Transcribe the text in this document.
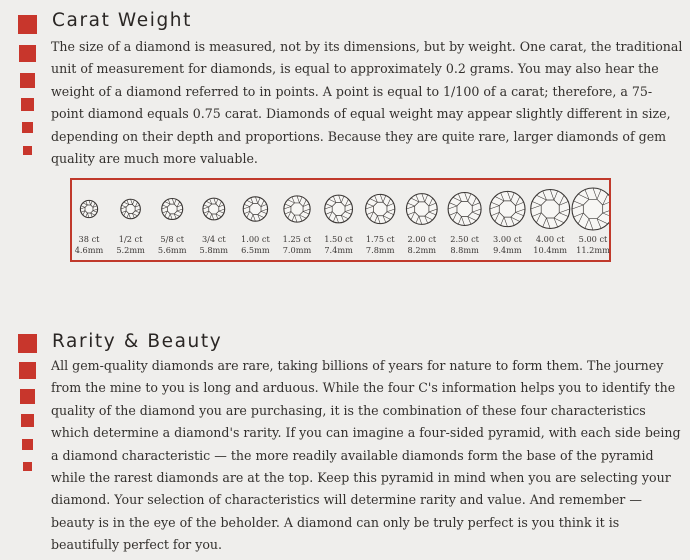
Carat Weight

The size of a diamond is measured, not by its dimensions, but by weight. One carat, the traditional unit of measurement for diamonds, is equal to approximately 0.2 grams. You may also hear the weight of a diamond referred to in points. A point is equal to 1/100 of a carat; therefore, a 75-point diamond equals 0.75 carat. Diamonds of equal weight may appear slightly different in size, depending on their depth and proportions. Because they are quite rare, larger diamonds of gem quality are much more valuable.

38 ct
4.6mm
1/2 ct
5.2mm
5/8 ct
5.6mm
3/4 ct
5.8mm
1.00 ct
6.5mm
1.25 ct
7.0mm
1.50 ct
7.4mm
1.75 ct
7.8mm
2.00 ct
8.2mm
2.50 ct
8.8mm
3.00 ct
9.4mm
4.00 ct
10.4mm
5.00 ct
11.2mm
Rarity & Beauty

All gem-quality diamonds are rare, taking billions of years for nature to form them. The journey from the mine to you is long and arduous. While the four C's information helps you to identify the quality of the diamond you are purchasing, it is the combination of these four characteristics which determine a diamond's rarity. If you can imagine a four-sided pyramid, with each side being a diamond characteristic — the more readily available diamonds form the base of the pyramid while the rarest diamonds are at the top. Keep this pyramid in mind when you are selecting your diamond. Your selection of characteristics will determine rarity and value. And remember — beauty is in the eye of the beholder. A diamond can only be truly perfect is you think it is beautifully perfect for you.
